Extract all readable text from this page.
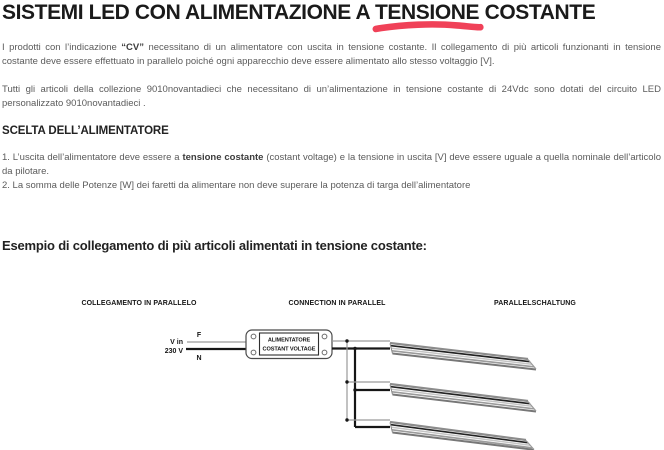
SISTEMI LED CON ALIMENTAZIONE A TENSIONE
COSTANTE

I prodotti con l’indicazione “CV” necessitano di un alimentatore con uscita in tensione costante. Il collegamento di più articoli funzionanti in tensione costante deve essere effettuato in parallelo poiché ogni apparecchio deve essere alimentato allo stesso voltaggio [V].

Tutti gli articoli della collezione 9010novantadieci che necessitano di un’alimentazione in tensione costante di 24Vdc sono dotati del circuito LED personalizzato 9010novantadieci .

SCELTA DELL’ALIMENTATORE
1. L’uscita dell’alimentatore deve essere a tensione costante (costant voltage) e la tensione in uscita [V] deve essere uguale a quella nominale dell’articolo da pilotare.
2. La somma delle Potenze [W] dei faretti da alimentare non deve superare la potenza di targa dell’alimentatore
Esempio di collegamento di più articoli alimentati in tensione costante:
COLLEGAMENTO IN PARALLELO	CONNECTION IN PARALLEL	PARALLELSCHALTUNG
V in
230 V
F
N
ALIMENTATORE
COSTANT VOLTAGE
